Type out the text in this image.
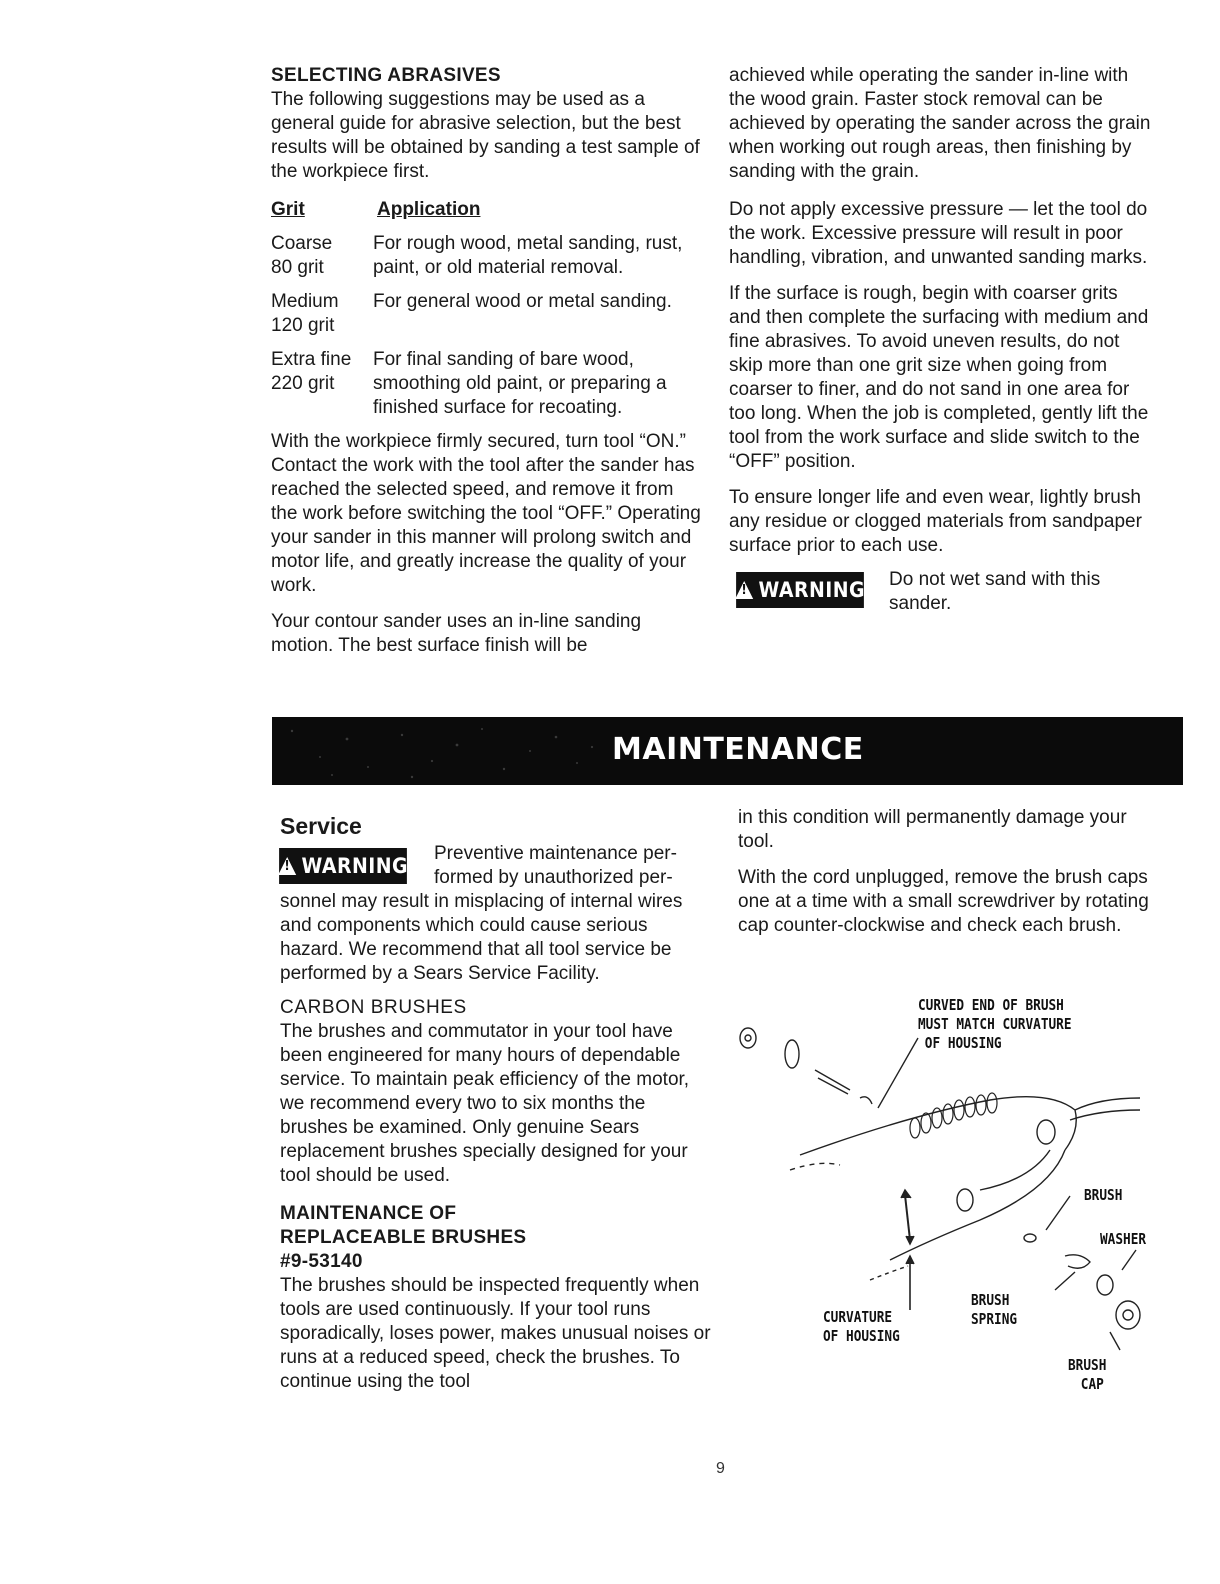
SELECTING ABRASIVES

The following suggestions may be used as a general guide for abrasive selection, but the best results will be obtained by sanding a test sample of the workpiece first.

Grit	Application
Coarse
80 grit
For rough wood, metal sanding, rust, paint, or old material removal.
Medium
120 grit
For general wood or metal sanding.
Extra fine
220 grit
For final sanding of bare wood, smoothing old paint, or preparing a finished surface for recoating.

With the workpiece firmly secured, turn tool “ON.” Contact the work with the tool after the sander has reached the selected speed, and remove it from the work before switching the tool “OFF.” Operating your sander in this manner will prolong switch and motor life, and greatly increase the quality of your work.

Your contour sander uses an in-line sanding motion. The best surface finish will be

achieved while operating the sander in-line with the wood grain. Faster stock removal can be achieved by operating the sander across the grain when working out rough areas, then finishing by sanding with the grain.

Do not apply excessive pressure — let the tool do the work. Excessive pressure will result in poor handling, vibration, and unwanted sanding marks.

If the surface is rough, begin with coarser grits and then complete the surfacing with medium and fine abrasives. To avoid uneven results, do not skip more than one grit size when going from coarser to finer, and do not sand in one area for too long. When the job is completed, gently lift the tool from the work surface and slide switch to the “OFF” position.

To ensure longer life and even wear, lightly brush any residue or clogged materials from sandpaper surface prior to each use.

!
WARNING Do not wet sand with this sander.

MAINTENANCE
Service
!
WARNING
Preventive maintenance per-
formed by unauthorized per-

sonnel may result in misplacing of internal wires and components which could cause serious hazard. We recommend that all tool service be performed by a Sears Service Facility.

CARBON BRUSHES

The brushes and commutator in your tool have been engineered for many hours of dependable service. To maintain peak efficiency of the motor, we recommend every two to six months the brushes be examined. Only genuine Sears replacement brushes specially designed for your tool should be used.

MAINTENANCE OF
REPLACEABLE BRUSHES
#9-53140

The brushes should be inspected frequently when tools are used continuously. If your tool runs sporadically, loses power, makes unusual noises or runs at a reduced speed, check the brushes. To continue using the tool

in this condition will permanently damage your tool.

With the cord unplugged, remove the brush caps one at a time with a small screwdriver by rotating cap counter-clockwise and check each brush.

CURVED END OF BRUSH
MUST MATCH CURVATURE
OF HOUSING
BRUSH
WASHER
BRUSH
SPRING
CURVATURE
OF HOUSING
BRUSH
CAP
9
